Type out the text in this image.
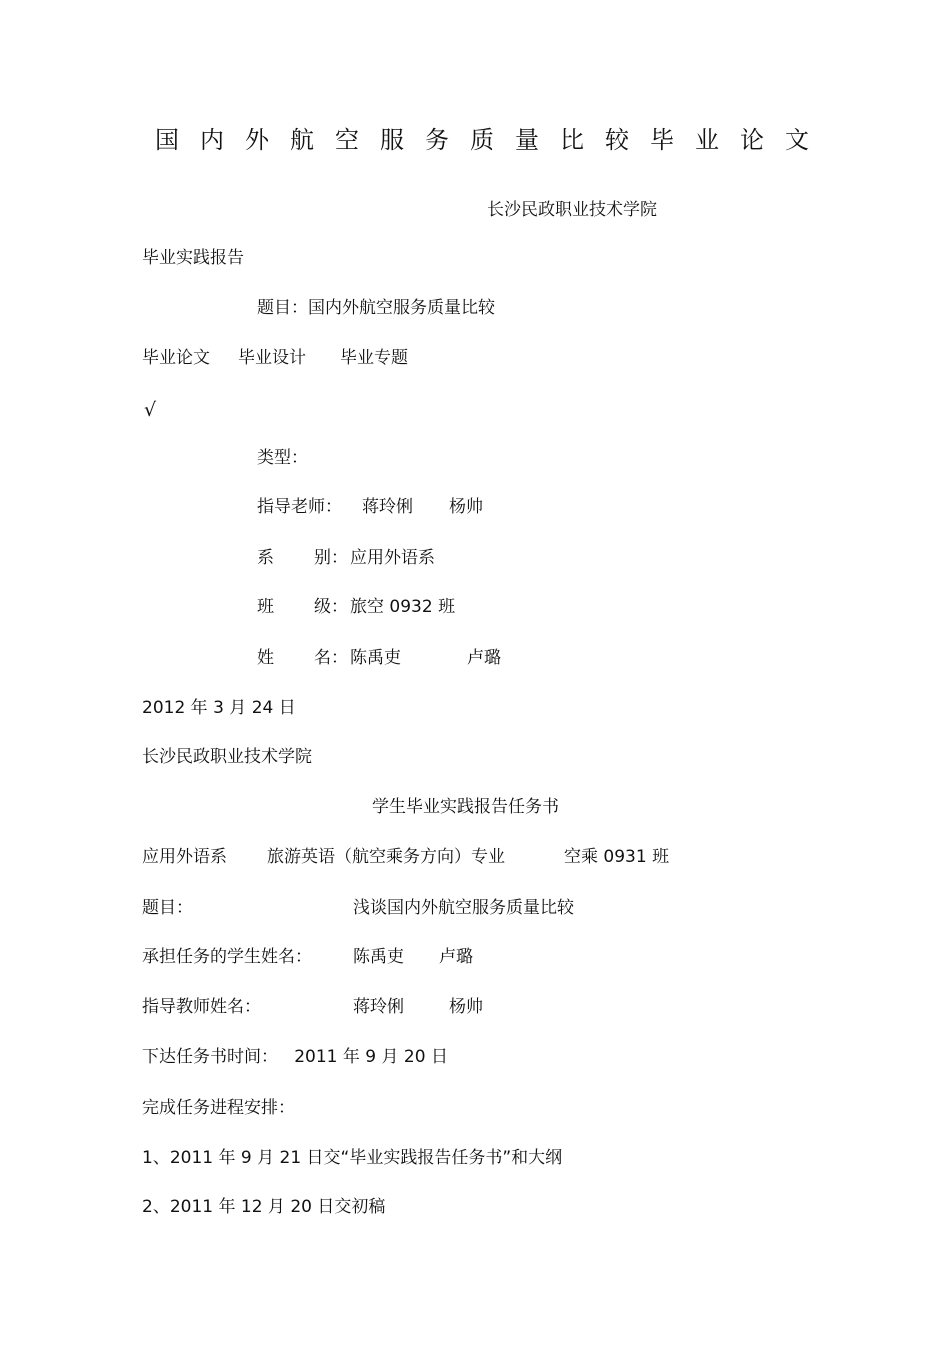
国内外航空服务质量比较毕业论文
长沙民政职业技术学院
毕业实践报告
题目：国内外航空服务质量比较
毕业论文 毕业设计 毕业专题
√
类型：
指导老师： 蒋玲俐 杨帅
系 别： 应用外语系
班 级： 旅空 0932 班
姓 名： 陈禹吏	卢璐
2012 年 3 月 24 日
长沙民政职业技术学院
学生毕业实践报告任务书
应用外语系 旅游英语（航空乘务方向）专业	空乘 0931 班
题目：	浅谈国内外航空服务质量比较
承担任务的学生姓名： 陈禹吏 卢璐
指导教师姓名：	蒋玲俐	杨帅
下达任务书时间：   2011 年 9 月 20 日
完成任务进程安排：
1、2011 年 9 月 21 日交“毕业实践报告任务书”和大纲
2、2011 年 12 月 20 日交初稿
